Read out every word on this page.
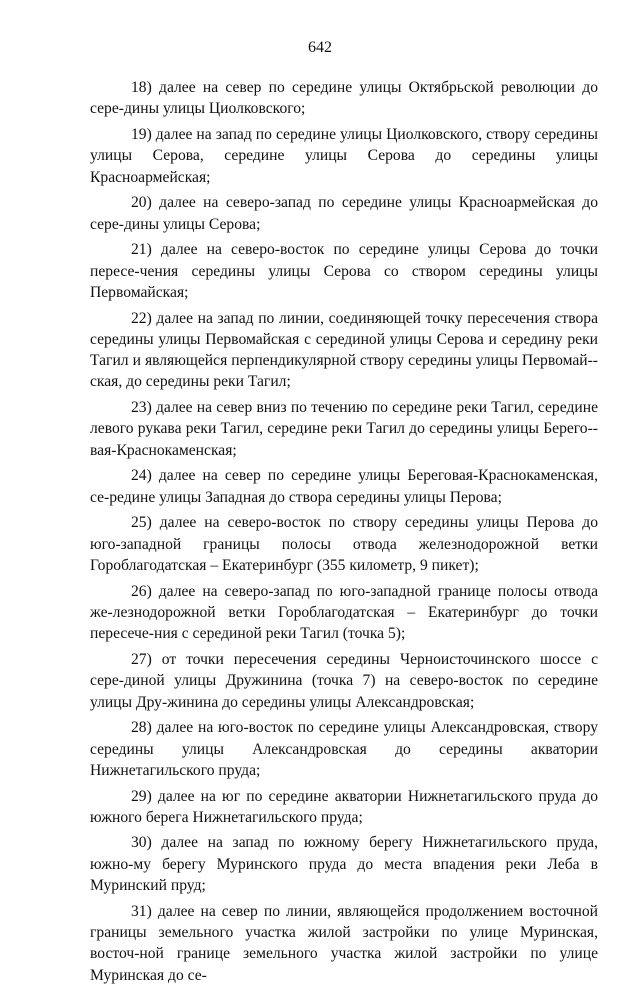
642

18) далее на север по середине улицы Октябрьской революции до сере-дины улицы Циолковского;

19) далее на запад по середине улицы Циолковского, створу середины улицы Серова, середине улицы Серова до середины улицы Красноармейская;

20) далее на северо-запад по середине улицы Красноармейская до сере-дины улицы Серова;

21) далее на северо-восток по середине улицы Серова до точки пересе-чения середины улицы Серова со створом середины улицы Первомайская;

22) далее на запад по линии, соединяющей точку пересечения створа середины улицы Первомайская с серединой улицы Серова и середину реки Тагил и являющейся перпендикулярной створу середины улицы Первомай-ская, до середины реки Тагил;

23) далее на север вниз по течению по середине реки Тагил, середине левого рукава реки Тагил, середине реки Тагил до середины улицы Берего-вая-Краснокаменская;

24) далее на север по середине улицы Береговая-Краснокаменская, се-редине улицы Западная до створа середины улицы Перова;

25) далее на северо-восток по створу середины улицы Перова до юго-западной границы полосы отвода железнодорожной ветки Гороблагодатская – Екатеринбург (355 километр, 9 пикет);

26) далее на северо-запад по юго-западной границе полосы отвода же-лезнодорожной ветки Гороблагодатская – Екатеринбург до точки пересече-ния с серединой реки Тагил (точка 5);

27) от точки пересечения середины Черноисточинского шоссе с сере-диной улицы Дружинина (точка 7) на северо-восток по середине улицы Дру-жинина до середины улицы Александровская;

28) далее на юго-восток по середине улицы Александровская, створу середины улицы Александровская до середины акватории Нижнетагильского пруда;

29) далее на юг по середине акватории Нижнетагильского пруда до южного берега Нижнетагильского пруда;

30) далее на запад по южному берегу Нижнетагильского пруда, южно-му берегу Муринского пруда до места впадения реки Леба в Муринский пруд;

31) далее на север по линии, являющейся продолжением восточной границы земельного участка жилой застройки по улице Муринская, восточ-ной границе земельного участка жилой застройки по улице Муринская до се-
